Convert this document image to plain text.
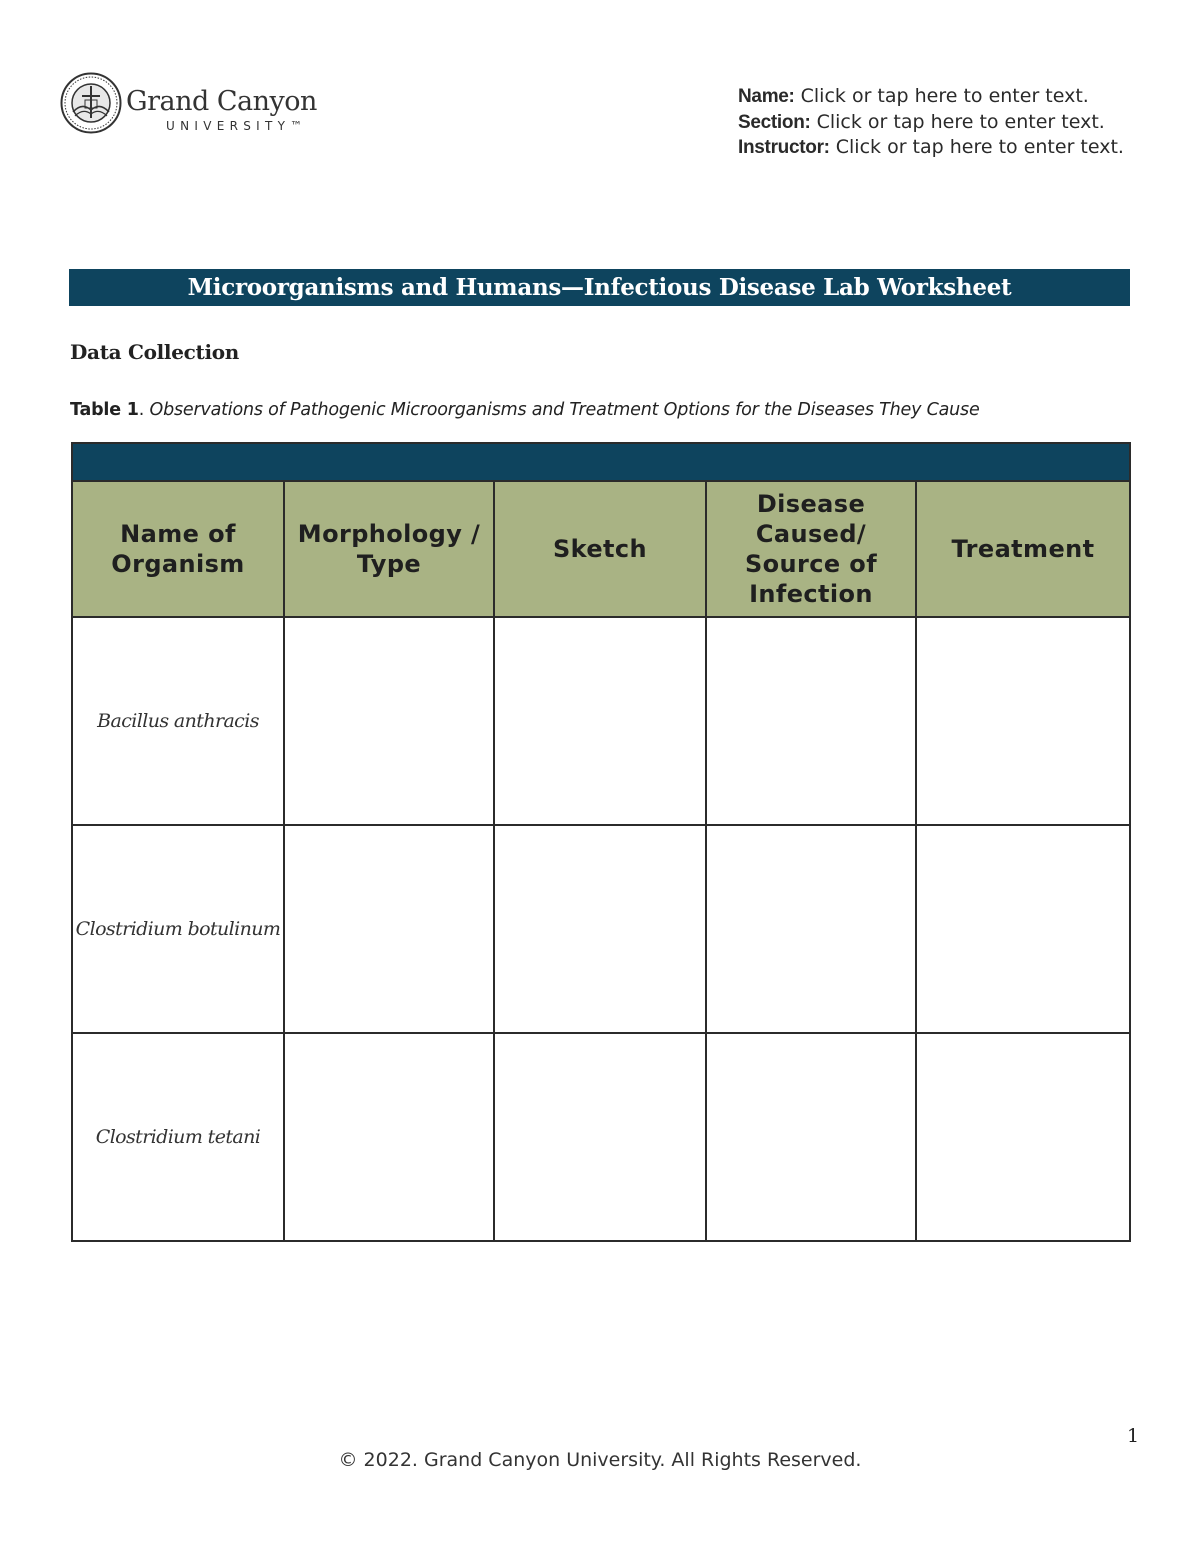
Grand Canyon
UNIVERSITY™

Name: Click or tap here to enter text.

Section: Click or tap here to enter text.

Instructor: Click or tap here to enter text.

Microorganisms and Humans—Infectious Disease Lab Worksheet
Data Collection
Table 1. Observations of Pathogenic Microorganisms and Treatment Options for the Diseases They Cause

Name of Organism	Morphology / Type	Sketch	Disease Caused/ Source of Infection	Treatment
Bacillus anthracis				
Clostridium botulinum				
Clostridium tetani				
1
© 2022. Grand Canyon University. All Rights Reserved.
